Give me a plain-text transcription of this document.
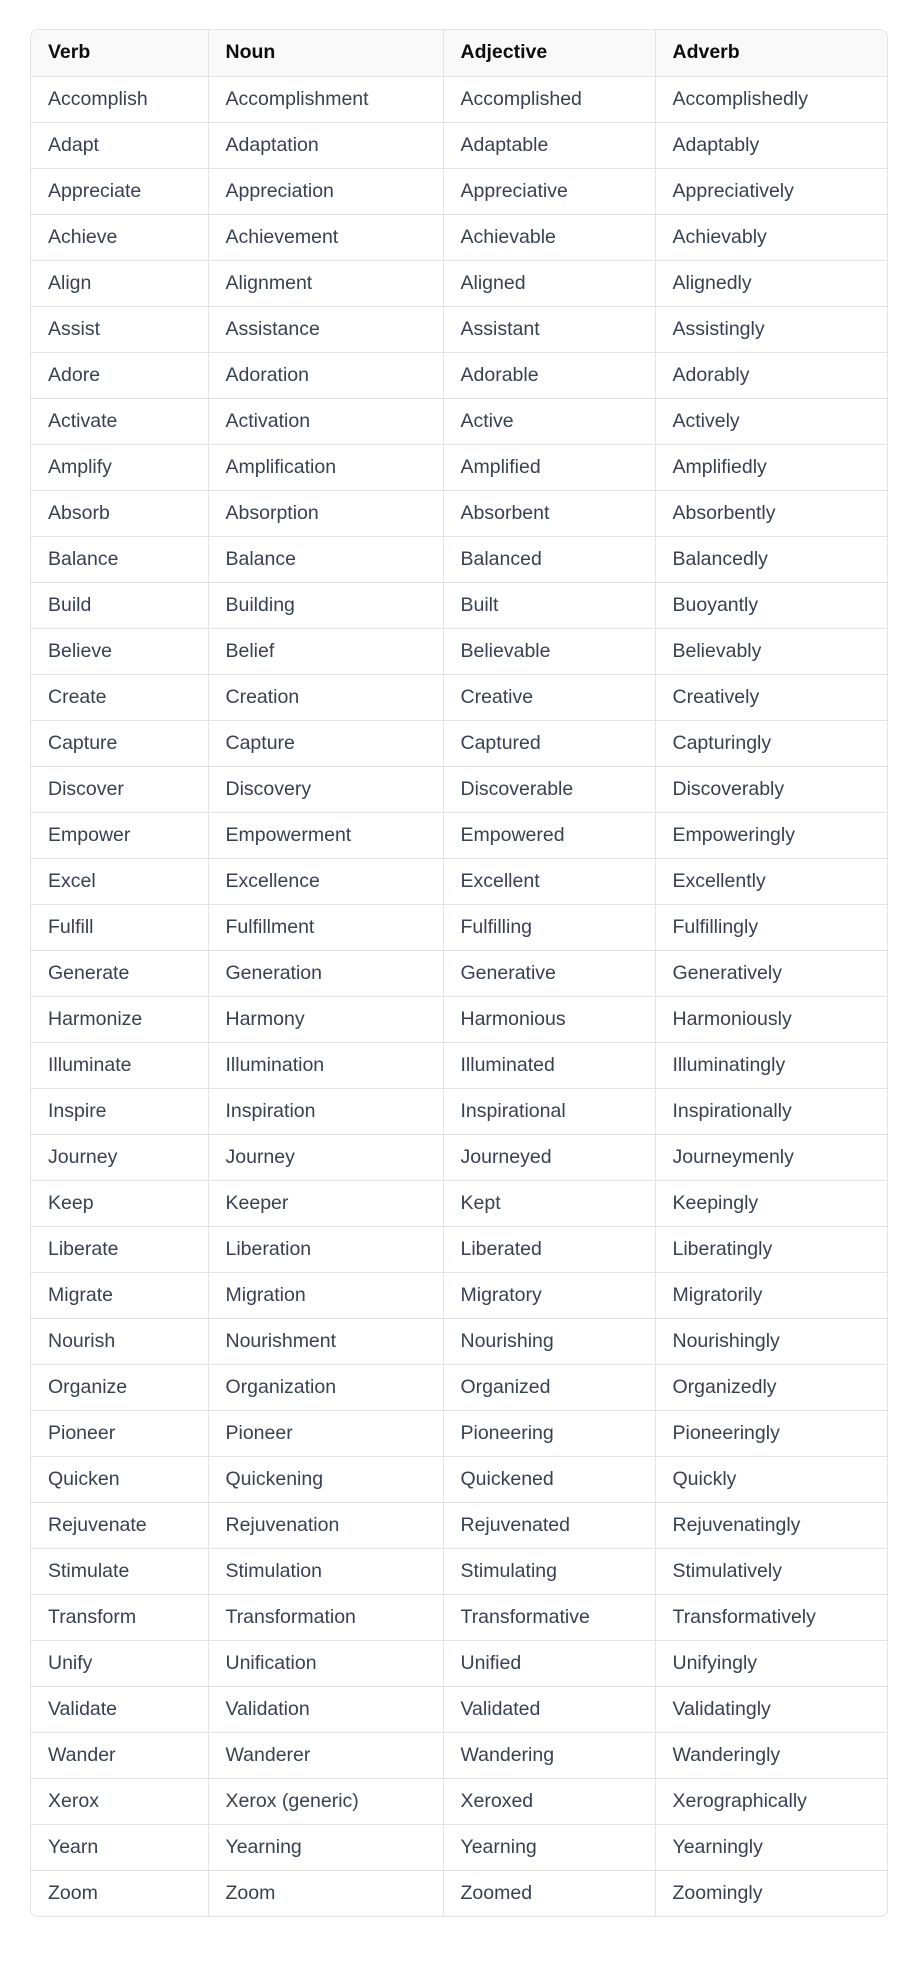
Verb	Noun	Adjective	Adverb
Accomplish	Accomplishment	Accomplished	Accomplishedly
Adapt	Adaptation	Adaptable	Adaptably
Appreciate	Appreciation	Appreciative	Appreciatively
Achieve	Achievement	Achievable	Achievably
Align	Alignment	Aligned	Alignedly
Assist	Assistance	Assistant	Assistingly
Adore	Adoration	Adorable	Adorably
Activate	Activation	Active	Actively
Amplify	Amplification	Amplified	Amplifiedly
Absorb	Absorption	Absorbent	Absorbently
Balance	Balance	Balanced	Balancedly
Build	Building	Built	Buoyantly
Believe	Belief	Believable	Believably
Create	Creation	Creative	Creatively
Capture	Capture	Captured	Capturingly
Discover	Discovery	Discoverable	Discoverably
Empower	Empowerment	Empowered	Empoweringly
Excel	Excellence	Excellent	Excellently
Fulfill	Fulfillment	Fulfilling	Fulfillingly
Generate	Generation	Generative	Generatively
Harmonize	Harmony	Harmonious	Harmoniously
Illuminate	Illumination	Illuminated	Illuminatingly
Inspire	Inspiration	Inspirational	Inspirationally
Journey	Journey	Journeyed	Journeymenly
Keep	Keeper	Kept	Keepingly
Liberate	Liberation	Liberated	Liberatingly
Migrate	Migration	Migratory	Migratorily
Nourish	Nourishment	Nourishing	Nourishingly
Organize	Organization	Organized	Organizedly
Pioneer	Pioneer	Pioneering	Pioneeringly
Quicken	Quickening	Quickened	Quickly
Rejuvenate	Rejuvenation	Rejuvenated	Rejuvenatingly
Stimulate	Stimulation	Stimulating	Stimulatively
Transform	Transformation	Transformative	Transformatively
Unify	Unification	Unified	Unifyingly
Validate	Validation	Validated	Validatingly
Wander	Wanderer	Wandering	Wanderingly
Xerox	Xerox (generic)	Xeroxed	Xerographically
Yearn	Yearning	Yearning	Yearningly
Zoom	Zoom	Zoomed	Zoomingly
